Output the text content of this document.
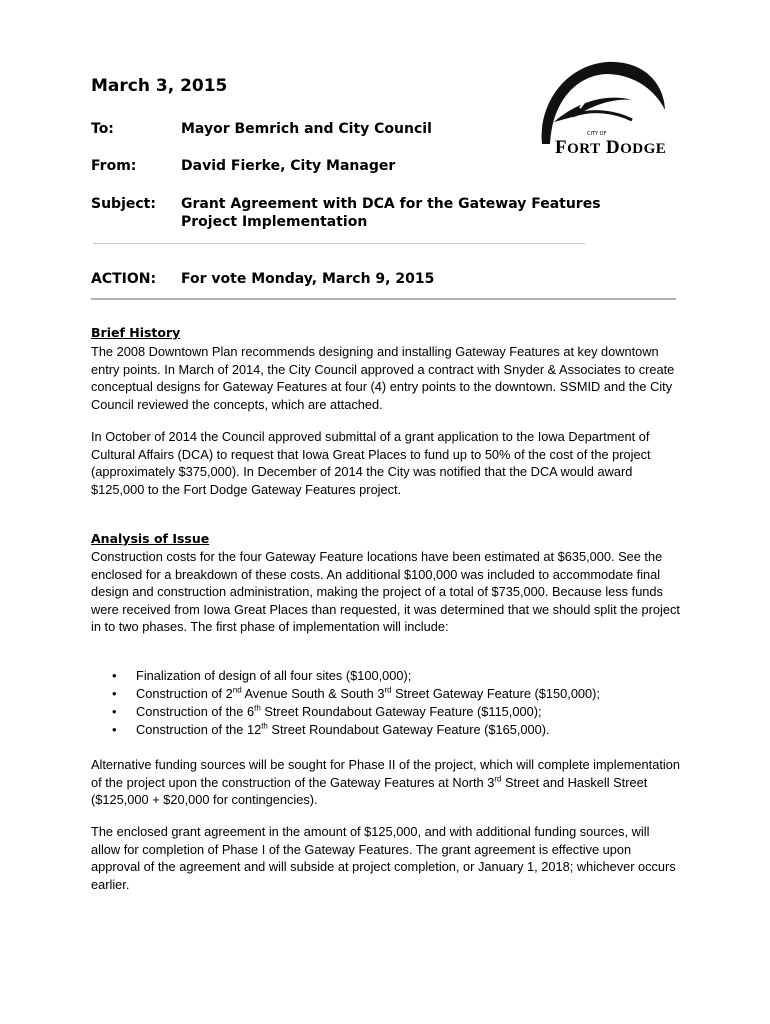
March 3, 2015
To:	Mayor Bemrich and City Council
From:	David Fierke, City Manager
Subject:	Grant Agreement with DCA for the Gateway Features Project Implementation
ACTION:	For vote Monday, March 9, 2015
CITY OF
FORT DODGE
Brief History
The 2008 Downtown Plan recommends designing and installing Gateway Features at key downtown entry points. In March of 2014, the City Council approved a contract with Snyder & Associates to create conceptual designs for Gateway Features at four (4) entry points to the downtown. SSMID and the City Council reviewed the concepts, which are attached.
In October of 2014 the Council approved submittal of a grant application to the Iowa Department of Cultural Affairs (DCA) to request that Iowa Great Places to fund up to 50% of the cost of the project (approximately $375,000). In December of 2014 the City was notified that the DCA would award $125,000 to the Fort Dodge Gateway Features project.
Analysis of Issue
Construction costs for the four Gateway Feature locations have been estimated at $635,000. See the enclosed for a breakdown of these costs. An additional $100,000 was included to accommodate final design and construction administration, making the project of a total of $735,000. Because less funds were received from Iowa Great Places than requested, it was determined that we should split the project in to two phases. The first phase of implementation will include:
• Finalization of design of all four sites ($100,000);
• Construction of 2nd Avenue South & South 3rd Street Gateway Feature ($150,000);
• Construction of the 6th Street Roundabout Gateway Feature ($115,000);
• Construction of the 12th Street Roundabout Gateway Feature ($165,000).
Alternative funding sources will be sought for Phase II of the project, which will complete implementation of the project upon the construction of the Gateway Features at North 3rd Street and Haskell Street ($125,000 + $20,000 for contingencies).
The enclosed grant agreement in the amount of $125,000, and with additional funding sources, will allow for completion of Phase I of the Gateway Features. The grant agreement is effective upon approval of the agreement and will subside at project completion, or January 1, 2018; whichever occurs earlier.
